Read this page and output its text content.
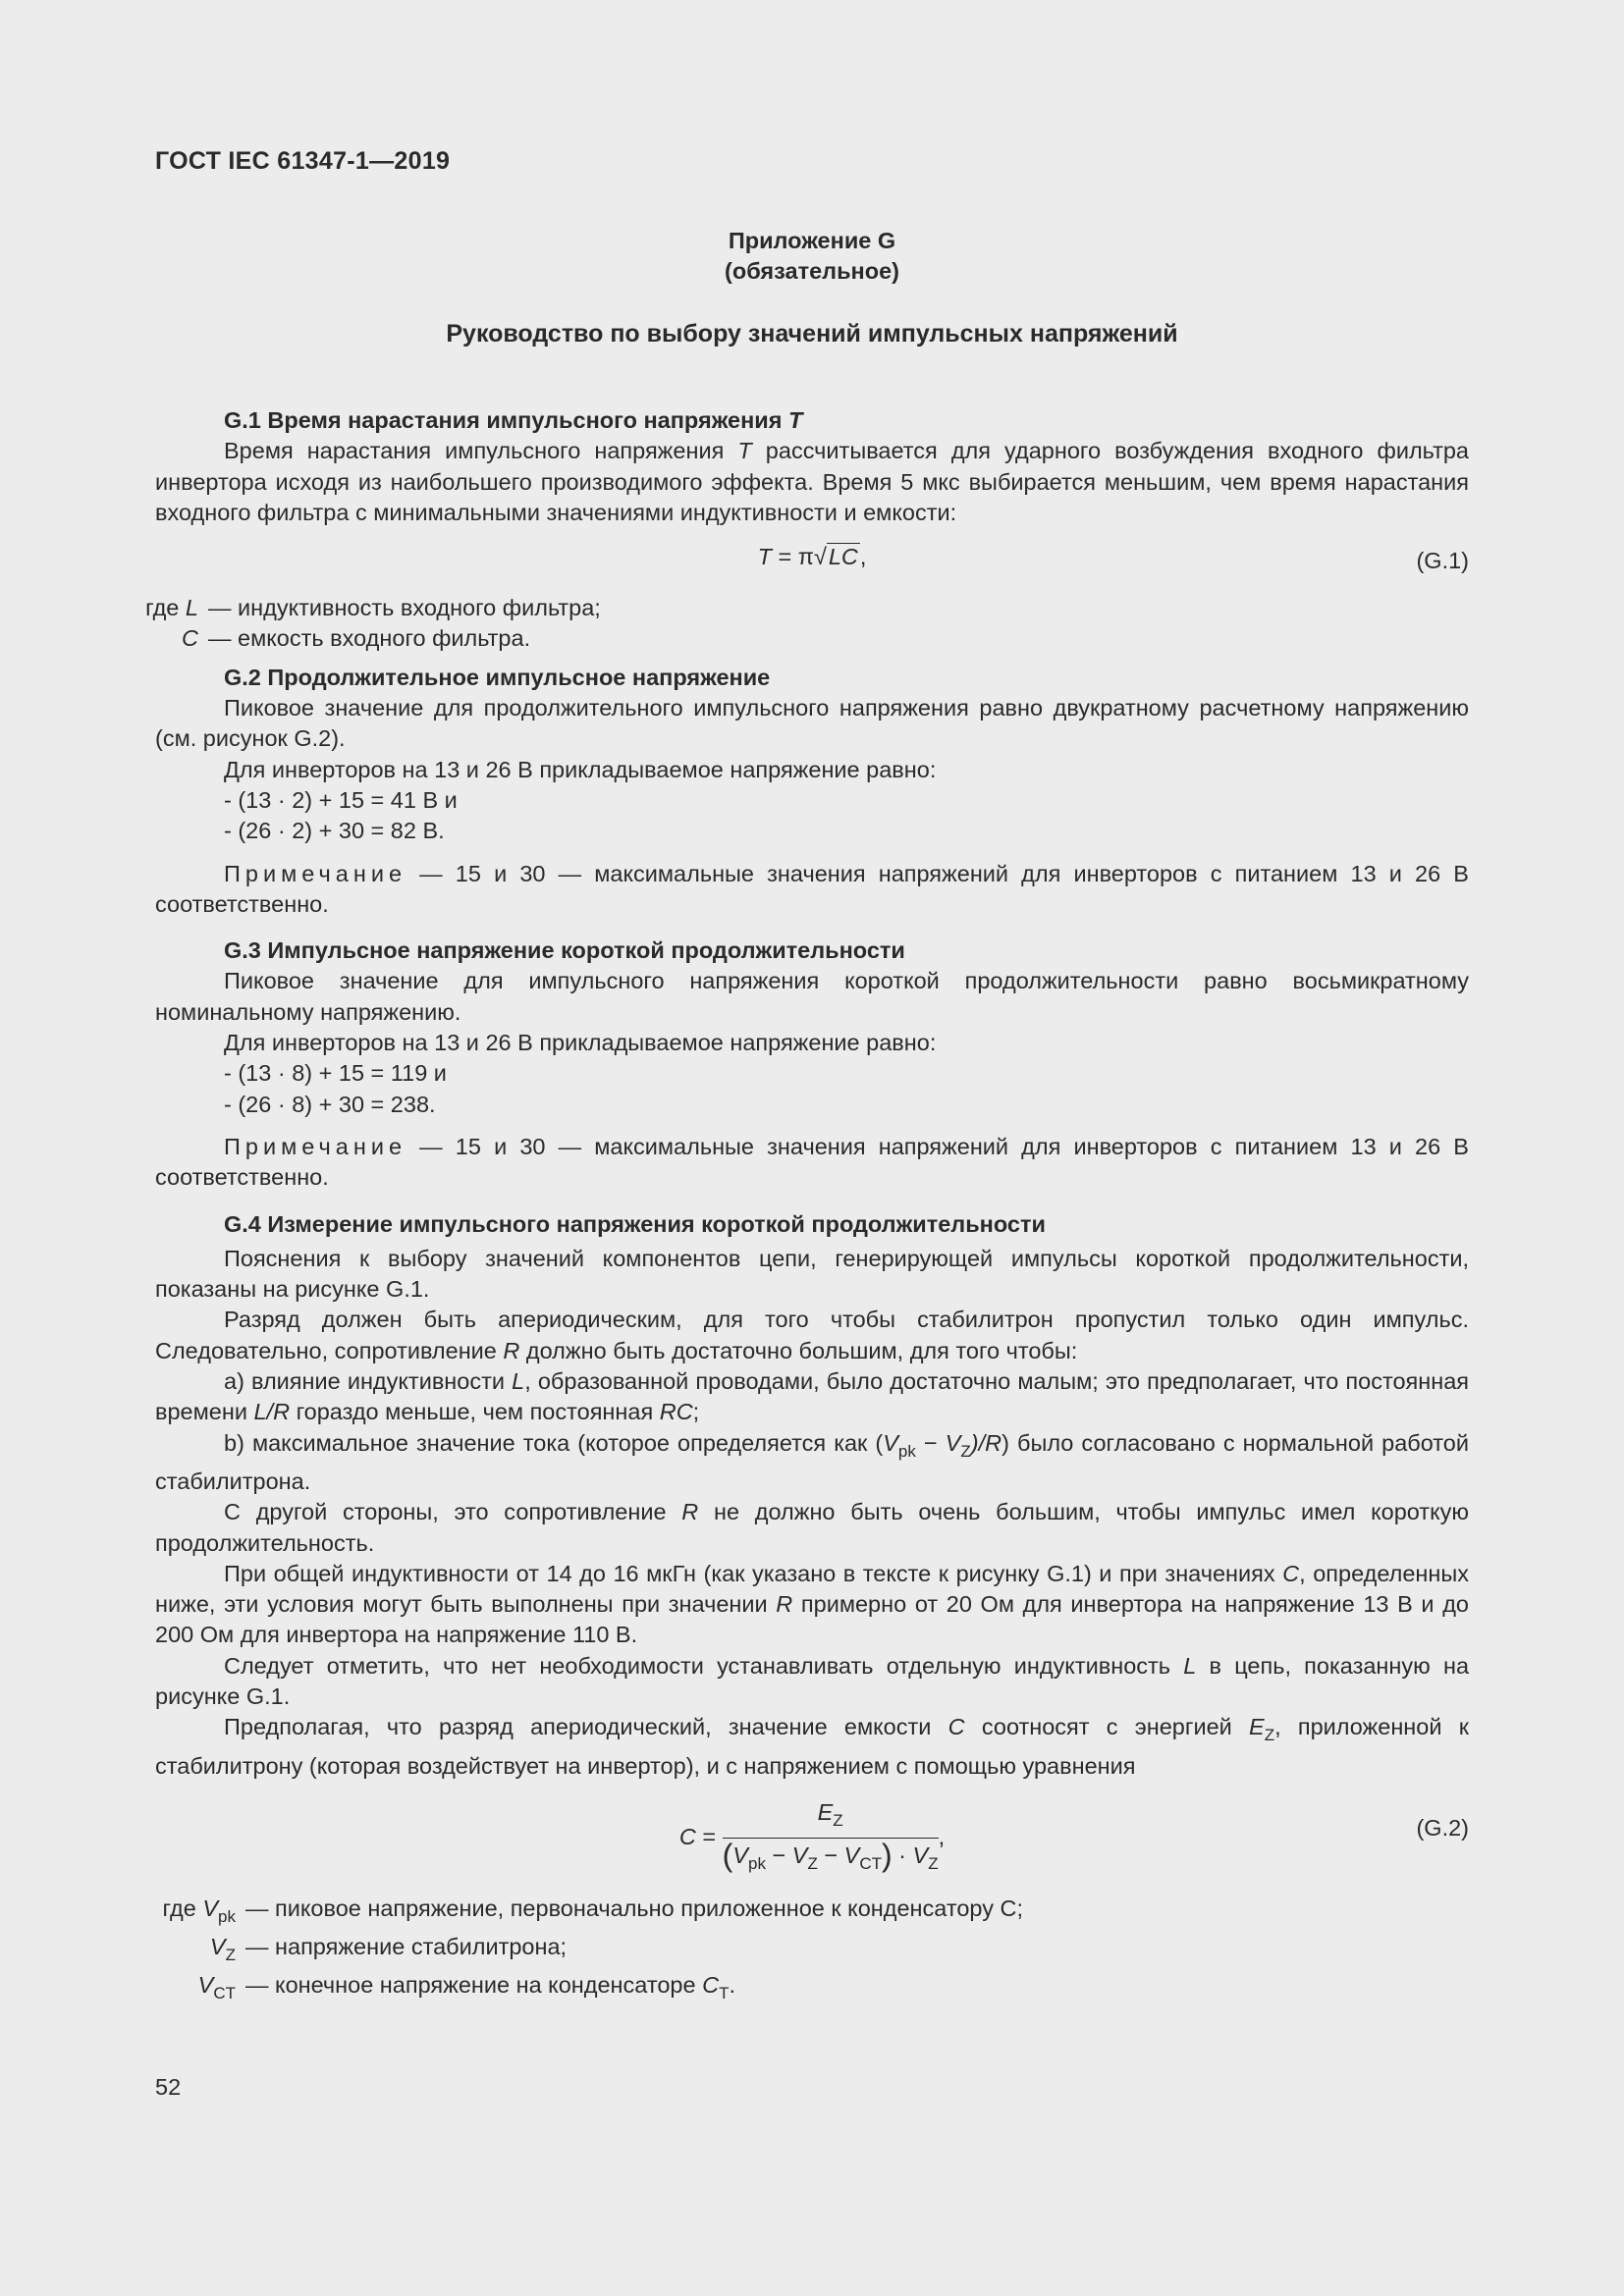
ГОСТ IEC 61347-1—2019
Приложение G
(обязательное)
Руководство по выбору значений импульсных напряжений
G.1 Время нарастания импульсного напряжения T

Время нарастания импульсного напряжения T рассчитывается для ударного возбуждения входного фильтра инвертора исходя из наибольшего производимого эффекта. Время 5 мкс выбирается меньшим, чем время нарастания входного фильтра с минимальными значениями индуктивности и емкости:

T = π√LC,	(G.1)
где L — индуктивность входного фильтра;
C — емкость входного фильтра.
G.2 Продолжительное импульсное напряжение

Пиковое значение для продолжительного импульсного напряжения равно двукратному расчетному напряжению (см. рисунок G.2).

Для инверторов на 13 и 26 В прикладываемое напряжение равно:

- (13 · 2) + 15 = 41 В и

- (26 · 2) + 30 = 82 В.

Примечание — 15 и 30 — максимальные значения напряжений для инверторов с питанием 13 и 26 В соответственно.

G.3 Импульсное напряжение короткой продолжительности

Пиковое значение для импульсного напряжения короткой продолжительности равно восьмикратному номинальному напряжению.

Для инверторов на 13 и 26 В прикладываемое напряжение равно:

- (13 · 8) + 15 = 119 и

- (26 · 8) + 30 = 238.

Примечание — 15 и 30 — максимальные значения напряжений для инверторов с питанием 13 и 26 В соответственно.

G.4 Измерение импульсного напряжения короткой продолжительности

Пояснения к выбору значений компонентов цепи, генерирующей импульсы короткой продолжительности, показаны на рисунке G.1.

Разряд должен быть апериодическим, для того чтобы стабилитрон пропустил только один импульс. Следовательно, сопротивление R должно быть достаточно большим, для того чтобы:

a) влияние индуктивности L, образованной проводами, было достаточно малым; это предполагает, что постоянная времени L/R гораздо меньше, чем постоянная RC;

b) максимальное значение тока (которое определяется как $(V_{pk} - V_Z)/R$) было согласовано с нормальной работой стабилитрона.

С другой стороны, это сопротивление R не должно быть очень большим, чтобы импульс имел короткую продолжительность.

При общей индуктивности от 14 до 16 мкГн (как указано в тексте к рисунку G.1) и при значениях C, определенных ниже, эти условия могут быть выполнены при значении R примерно от 20 Ом для инвертора на напряжение 13 В и до 200 Ом для инвертора на напряжение 110 В.

Следует отметить, что нет необходимости устанавливать отдельную индуктивность L в цепь, показанную на рисунке G.1.

Предполагая, что разряд апериодический, значение емкости C соотносят с энергией $E_Z$, приложенной к стабилитрону (которая воздействует на инвертор), и с напряжением с помощью уравнения

$C = \frac{E_Z}{(V_{pk} - V_Z - V_{CT}) \cdot V_Z}$ ,	(G.2)
где $V_{pk}$ — пиковое напряжение, первоначально приложенное к конденсатору C;
$V_Z$ — напряжение стабилитрона;
$V_{CT}$ — конечное напряжение на конденсаторе $C_T$.
52
